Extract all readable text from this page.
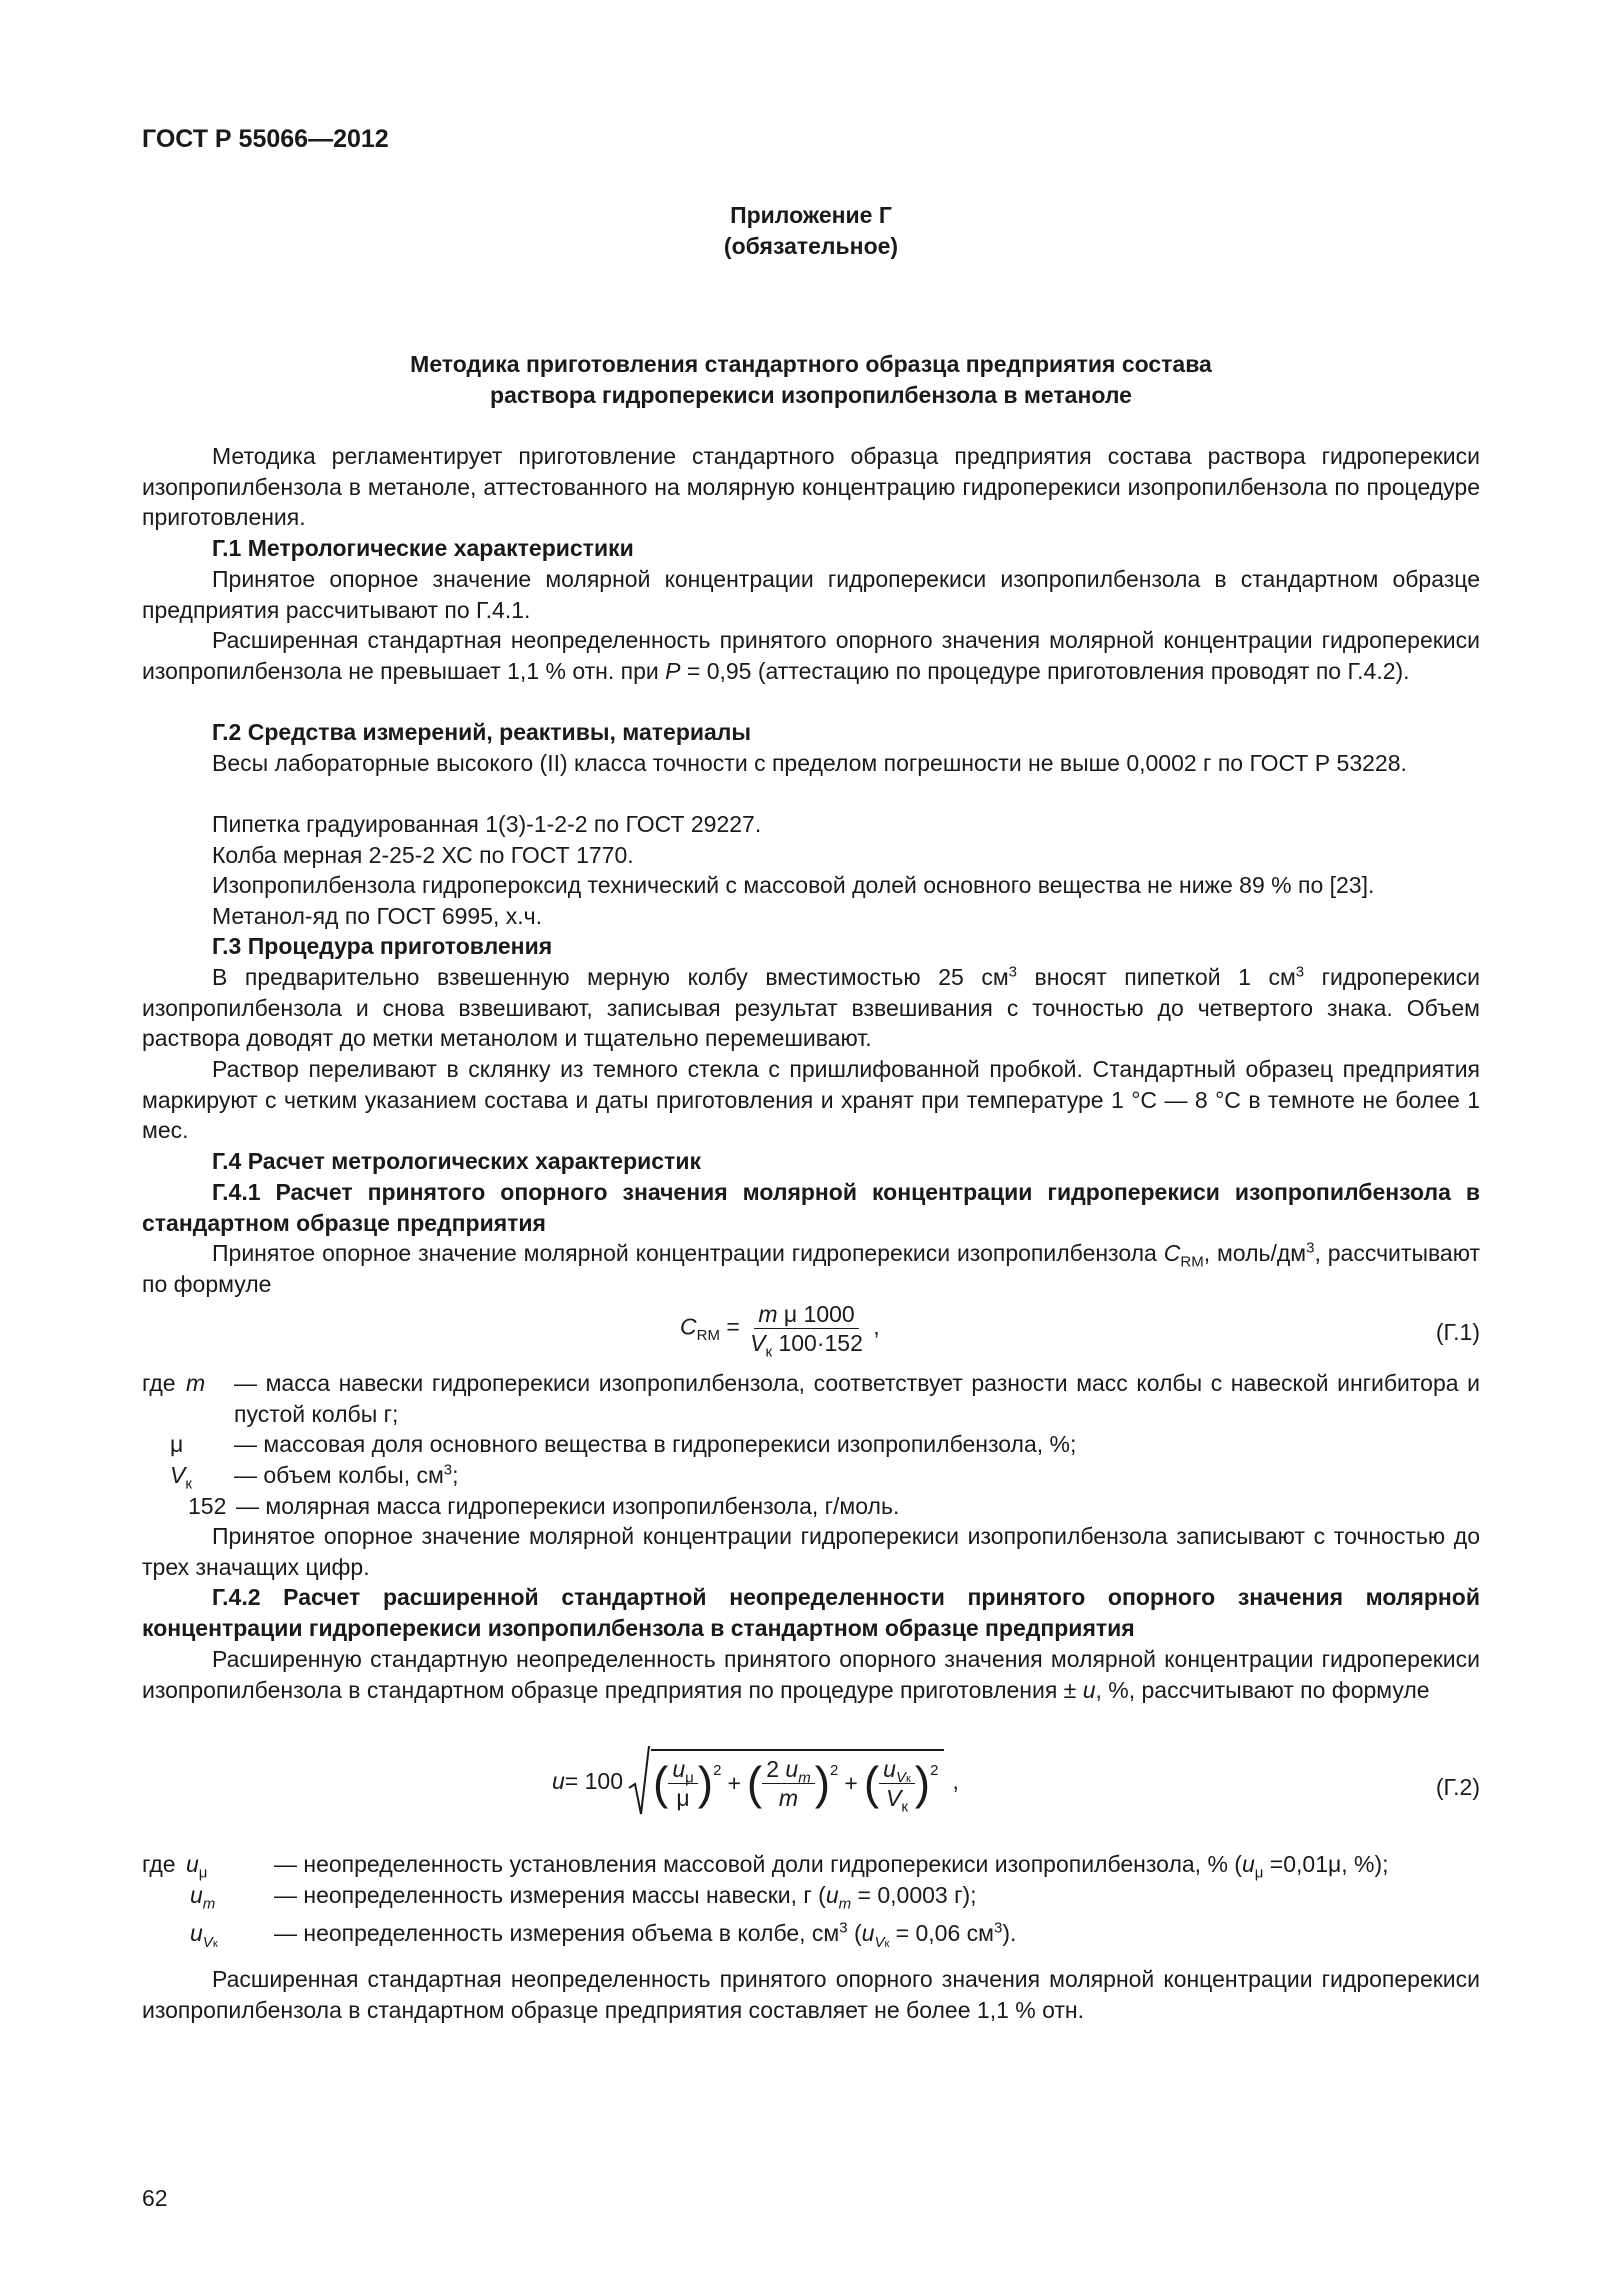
ГОСТ Р 55066—2012
Приложение Г
(обязательное)
Методика приготовления стандартного образца предприятия состава
раствора гидроперекиси изопропилбензола в метаноле

Методика регламентирует приготовление стандартного образца предприятия состава раствора гидроперекиси изопропилбензола в метаноле, аттестованного на молярную концентрацию гидроперекиси изопропилбензола по процедуре приготовления.

Г.1 Метрологические характеристики

Принятое опорное значение молярной концентрации гидроперекиси изопропилбензола в стандартном образце предприятия рассчитывают по Г.4.1.

Расширенная стандартная неопределенность принятого опорного значения молярной концентрации гидроперекиси изопропилбензола не превышает 1,1 % отн. при P = 0,95 (аттестацию по процедуре приготовления проводят по Г.4.2).

Г.2 Средства измерений, реактивы, материалы

Весы лабораторные высокого (II) класса точности с пределом погрешности не выше 0,0002 г по ГОСТ Р 53228.

Пипетка градуированная 1(3)-1-2-2 по ГОСТ 29227.

Колба мерная 2-25-2 ХС по ГОСТ 1770.

Изопропилбензола гидропероксид технический с массовой долей основного вещества не ниже 89 % по [23].

Метанол-яд по ГОСТ 6995, х.ч.

Г.3 Процедура приготовления

В предварительно взвешенную мерную колбу вместимостью 25 $см^3$ вносят пипеткой 1 $см^3$ гидроперекиси изопропилбензола и снова взвешивают, записывая результат взвешивания с точностью до четвертого знака. Объем раствора доводят до метки метанолом и тщательно перемешивают.

Раствор переливают в склянку из темного стекла с пришлифованной пробкой. Стандартный образец предприятия маркируют с четким указанием состава и даты приготовления и хранят при температуре 1 °С — 8 °С в темноте не более 1 мес.

Г.4 Расчет метрологических характеристик

Г.4.1 Расчет принятого опорного значения молярной концентрации гидроперекиси изопропилбензола в стандартном образце предприятия

Принятое опорное значение молярной концентрации гидроперекиси изопропилбензола $C_{RM}$, моль/$дм^3$, рассчитывают по формуле

$C_{RM} = \frac{\text{m μ 1000}}{V_к 100\cdot 152}$ ,	(Г.1)
где m — масса навески гидроперекиси изопропилбензола, соответствует разности масс колбы с навеской ингибитора и пустой колбы г;
μ — массовая доля основного вещества в гидроперекиси изопропилбензола, %;
$V_к$ — объем колбы, $см^3$;
152 — молярная масса гидроперекиси изопропилбензола, г/моль.

Принятое опорное значение молярной концентрации гидроперекиси изопропилбензола записывают с точностью до трех значащих цифр.

Г.4.2 Расчет расширенной стандартной неопределенности принятого опорного значения молярной концентрации гидроперекиси изопропилбензола в стандартном образце предприятия

Расширенную стандартную неопределенность принятого опорного значения молярной концентрации гидроперекиси изопропилбензола в стандартном образце предприятия по процедуре приготовления ± u, %, рассчитывают по формуле

u = 100 ( $\frac{u_\mu}{\mu} )^2$ + ( $\frac{2 u_m}{m} )^2$ + ( $\frac{u_{Vк}}{V_к} )^2$ ,	(Г.2)
где $u_\mu$	— неопределенность установления массовой доли гидроперекиси изопропилбензола, % ($u_\mu =0,01\mu$, %);
$u_m$	— неопределенность измерения массы навески, г ($u_m = 0,0003$ г);
$u_{Vк}$ — неопределенность измерения объема в колбе, $см^3$ ($u_{Vк} = 0,06$ $см^3$).

Расширенная стандартная неопределенность принятого опорного значения молярной концентрации гидроперекиси изопропилбензола в стандартном образце предприятия составляет не более 1,1 % отн.

62
